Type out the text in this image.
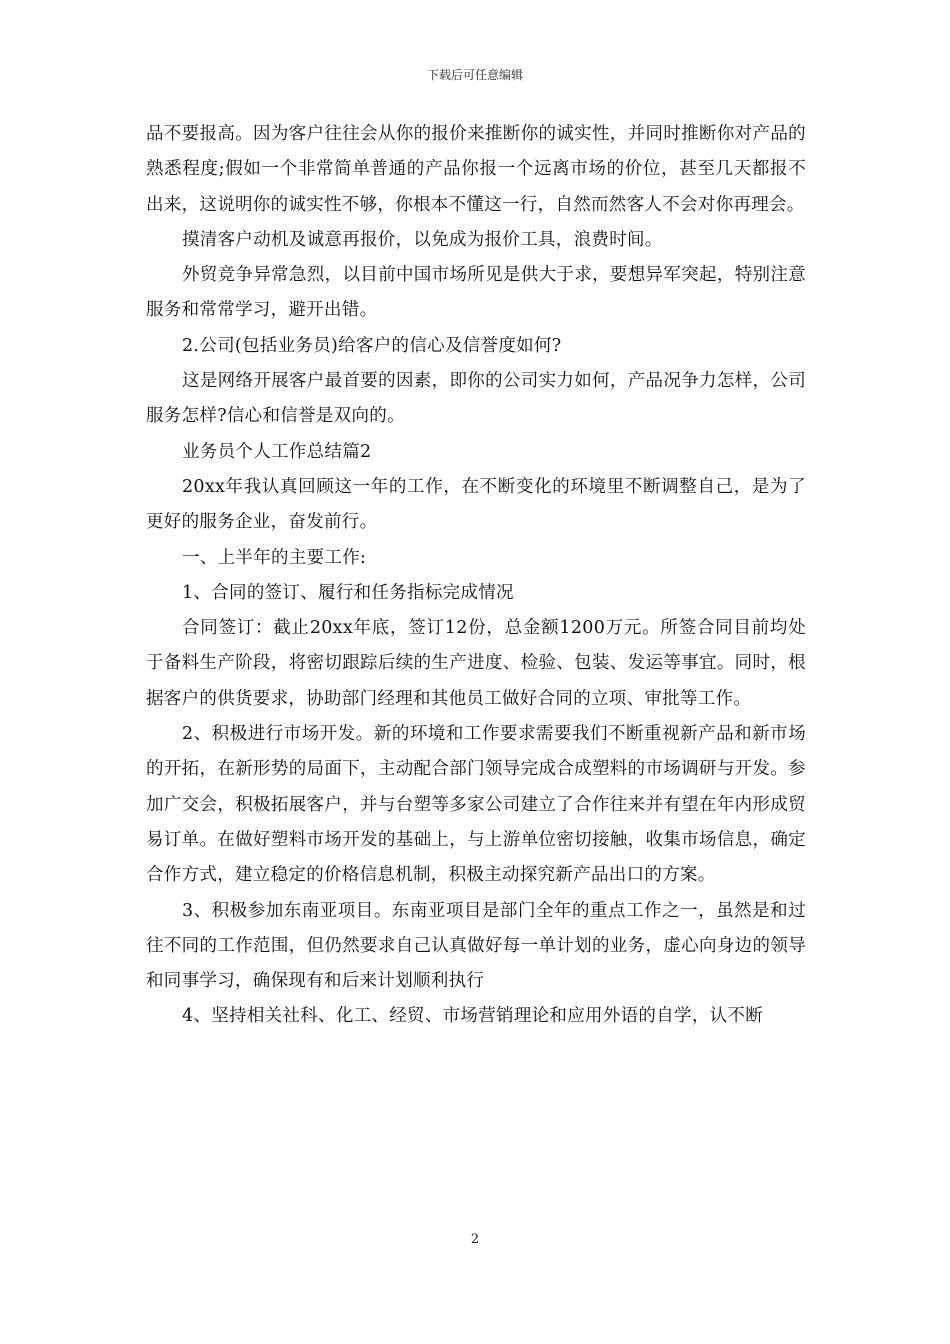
下载后可任意编辑

品不要报高。因为客户往往会从你的报价来推断你的诚实性，并同时推断你对产品的熟悉程度;假如一个非常简单普通的产品你报一个远离市场的价位，甚至几天都报不出来，这说明你的诚实性不够，你根本不懂这一行，自然而然客人不会对你再理会。

摸清客户动机及诚意再报价，以免成为报价工具，浪费时间。

外贸竞争异常急烈，以目前中国市场所见是供大于求，要想异军突起，特别注意服务和常常学习，避开出错。

2.公司(包括业务员)给客户的信心及信誉度如何?

这是网络开展客户最首要的因素，即你的公司实力如何，产品况争力怎样，公司服务怎样?信心和信誉是双向的。

业务员个人工作总结篇2

20xx年我认真回顾这一年的工作，在不断变化的环境里不断调整自己，是为了更好的服务企业，奋发前行。

一、上半年的主要工作:

1、合同的签订、履行和任务指标完成情况

合同签订：截止20xx年底，签订12份，总金额1200万元。所签合同目前均处于备料生产阶段，将密切跟踪后续的生产进度、检验、包装、发运等事宜。同时，根据客户的供货要求，协助部门经理和其他员工做好合同的立项、审批等工作。

2、积极进行市场开发。新的环境和工作要求需要我们不断重视新产品和新市场的开拓，在新形势的局面下，主动配合部门领导完成合成塑料的市场调研与开发。参加广交会，积极拓展客户，并与台塑等多家公司建立了合作往来并有望在年内形成贸易订单。在做好塑料市场开发的基础上，与上游单位密切接触，收集市场信息，确定合作方式，建立稳定的价格信息机制，积极主动探究新产品出口的方案。

3、积极参加东南亚项目。东南亚项目是部门全年的重点工作之一，虽然是和过往不同的工作范围，但仍然要求自己认真做好每一单计划的业务，虚心向身边的领导和同事学习，确保现有和后来计划顺利执行

4、坚持相关社科、化工、经贸、市场营销理论和应用外语的自学，认不断

2
